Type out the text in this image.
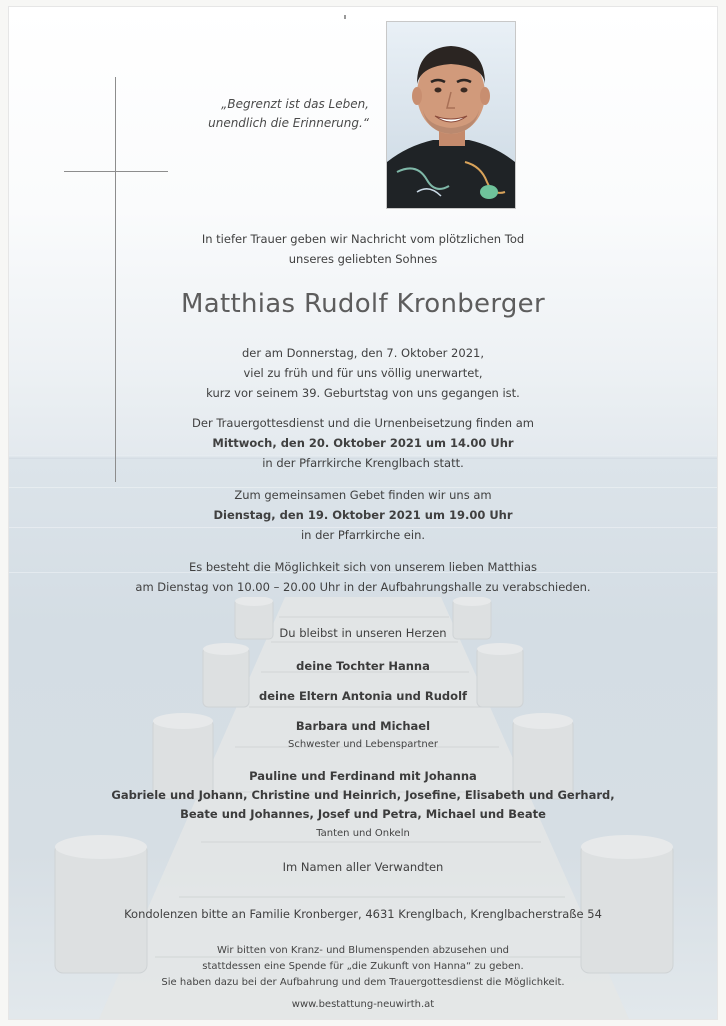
„Begrenzt ist das Leben,
unendlich die Erinnerung.“
In tiefer Trauer geben wir Nachricht vom plötzlichen Tod
unseres geliebten Sohnes
Matthias Rudolf Kronberger
der am Donnerstag, den 7. Oktober 2021,
viel zu früh und für uns völlig unerwartet,
kurz vor seinem 39. Geburtstag von uns gegangen ist.
Der Trauergottesdienst und die Urnenbeisetzung finden am
Mittwoch, den 20. Oktober 2021 um 14.00 Uhr
in der Pfarrkirche Krenglbach statt.
Zum gemeinsamen Gebet finden wir uns am
Dienstag, den 19. Oktober 2021 um 19.00 Uhr
in der Pfarrkirche ein.
Es besteht die Möglichkeit sich von unserem lieben Matthias
am Dienstag von 10.00 – 20.00 Uhr in der Aufbahrungshalle zu verabschieden.
Du bleibst in unseren Herzen
deine Tochter Hanna
deine Eltern Antonia und Rudolf
Barbara und Michael
Schwester und Lebenspartner
Pauline und Ferdinand mit Johanna
Gabriele und Johann, Christine und Heinrich, Josefine, Elisabeth und Gerhard,
Beate und Johannes, Josef und Petra, Michael und Beate
Tanten und Onkeln
Im Namen aller Verwandten
Kondolenzen bitte an Familie Kronberger, 4631 Krenglbach, Krenglbacherstraße 54
Wir bitten von Kranz- und Blumenspenden abzusehen und
stattdessen eine Spende für „die Zukunft von Hanna“ zu geben.
Sie haben dazu bei der Aufbahrung und dem Trauergottesdienst die Möglichkeit.
www.bestattung-neuwirth.at
